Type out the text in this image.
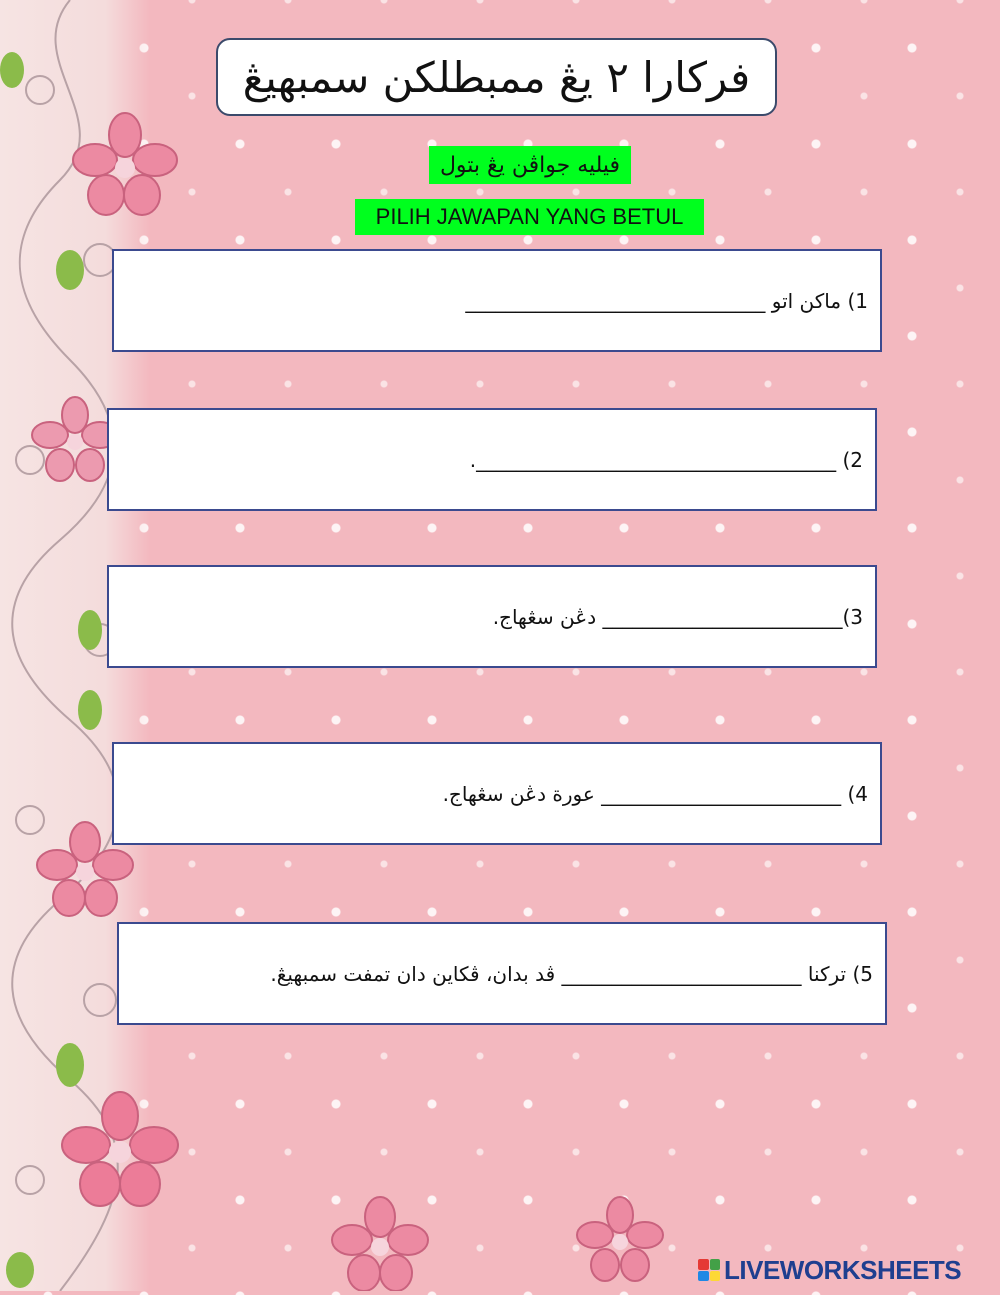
فركارا ٢ يڠ ممبطلكن سمبهيڠ
فيليه جواڤن يڠ بتول
PILIH JAWAPAN YANG BETUL
1) ماكن اتو ______________________________
2) ____________________________________.
3)________________________ دڠن سڠهاج.
4) ________________________ عورة دڠن سڠهاج.
5) تركنا ________________________ ڤد بدان، ڤكاين دان تمفت سمبهيڠ.
LIVEWORKSHEETS
